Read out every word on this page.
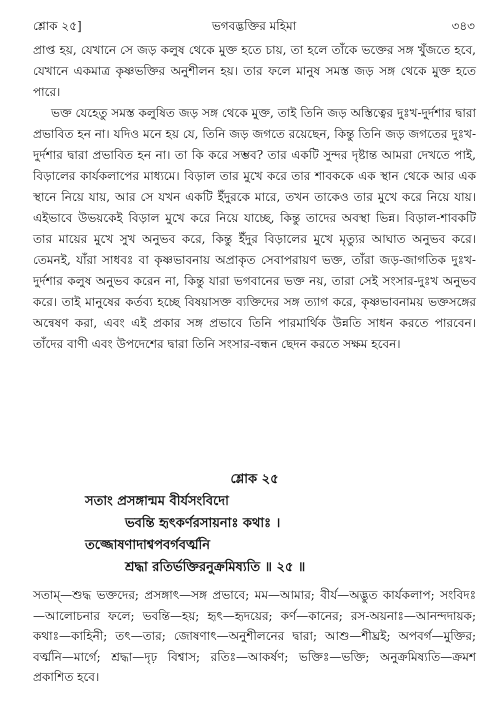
শ্লোক ২৫]	ভগবদ্ভক্তির মহিমা	৩৪৩

প্রাপ্ত হয়, যেখানে সে জড় কলুষ থেকে মুক্ত হতে চায়, তা হলে তাঁকে ভক্তের সঙ্গ খুঁজতে হবে, যেখানে একমাত্র কৃষ্ণভক্তির অনুশীলন হয়। তার ফলে মানুষ সমস্ত জড় সঙ্গ থেকে মুক্ত হতে পারে।

ভক্ত যেহেতু সমস্ত কলুষিত জড় সঙ্গ থেকে মুক্ত, তাই তিনি জড় অস্তিত্বের দুঃখ-দুর্দশার দ্বারা প্রভাবিত হন না। যদিও মনে হয় যে, তিনি জড় জগতে রয়েছেন, কিন্তু তিনি জড় জগতের দুঃখ-দুর্দশার দ্বারা প্রভাবিত হন না। তা কি করে সম্ভব? তার একটি সুন্দর দৃষ্টান্ত আমরা দেখতে পাই, বিড়ালের কার্যকলাপের মাধ্যমে। বিড়াল তার মুখে করে তার শাবককে এক স্থান থেকে আর এক স্থানে নিয়ে যায়, আর সে যখন একটি ইঁদুরকে মারে, তখন তাকেও তার মুখে করে নিয়ে যায়। এইভাবে উভয়কেই বিড়াল মুখে করে নিয়ে যাচ্ছে, কিন্তু তাদের অবস্থা ভিন্ন। বিড়াল-শাবকটি তার মায়ের মুখে সুখ অনুভব করে, কিন্তু ইঁদুর বিড়ালের মুখে মৃত্যুর আঘাত অনুভব করে। তেমনই, যাঁরা সাধবঃ বা কৃষ্ণভাবনায় অপ্রাকৃত সেবাপরায়ণ ভক্ত, তাঁরা জড়-জাগতিক দুঃখ-দুর্দশার কলুষ অনুভব করেন না, কিন্তু যারা ভগবানের ভক্ত নয়, তারা সেই সংসার-দুঃখ অনুভব করে। তাই মানুষের কর্তব্য হচ্ছে বিষয়াসক্ত ব্যক্তিদের সঙ্গ ত্যাগ করে, কৃষ্ণভাবনাময় ভক্তসঙ্গের অন্বেষণ করা, এবং এই প্রকার সঙ্গ প্রভাবে তিনি পারমার্থিক উন্নতি সাধন করতে পারবেন। তাঁদের বাণী এবং উপদেশের দ্বারা তিনি সংসার-বন্ধন ছেদন করতে সক্ষম হবেন।

শ্লোক ২৫
সতাং প্রসঙ্গান্মম বীর্যসংবিদো
ভবন্তি হৃৎকর্ণরসায়নাঃ কথাঃ ।
তজ্জোষণাদাশ্বপবর্গবর্ত্মনি
শ্রদ্ধা রতির্ভক্তিরনুক্রমিষ্যতি ॥ ২৫ ॥

সতাম্—শুদ্ধ ভক্তদের; প্রসঙ্গাৎ—সঙ্গ প্রভাবে; মম—আমার; বীর্য—অদ্ভুত কার্যকলাপ; সংবিদঃ—আলোচনার ফলে; ভবন্তি—হয়; হৃৎ—হৃদয়ের; কর্ণ—কানের; রস-অয়নাঃ—আনন্দদায়ক; কথাঃ—কাহিনী; তৎ—তার; জোষণাৎ—অনুশীলনের দ্বারা; আশু—শীঘ্রই; অপবর্গ—মুক্তির; বর্ত্মনি—মার্গে; শ্রদ্ধা—দৃঢ় বিশ্বাস; রতিঃ—আকর্ষণ; ভক্তিঃ—ভক্তি; অনুক্রমিষ্যতি—ক্রমশ প্রকাশিত হবে।
